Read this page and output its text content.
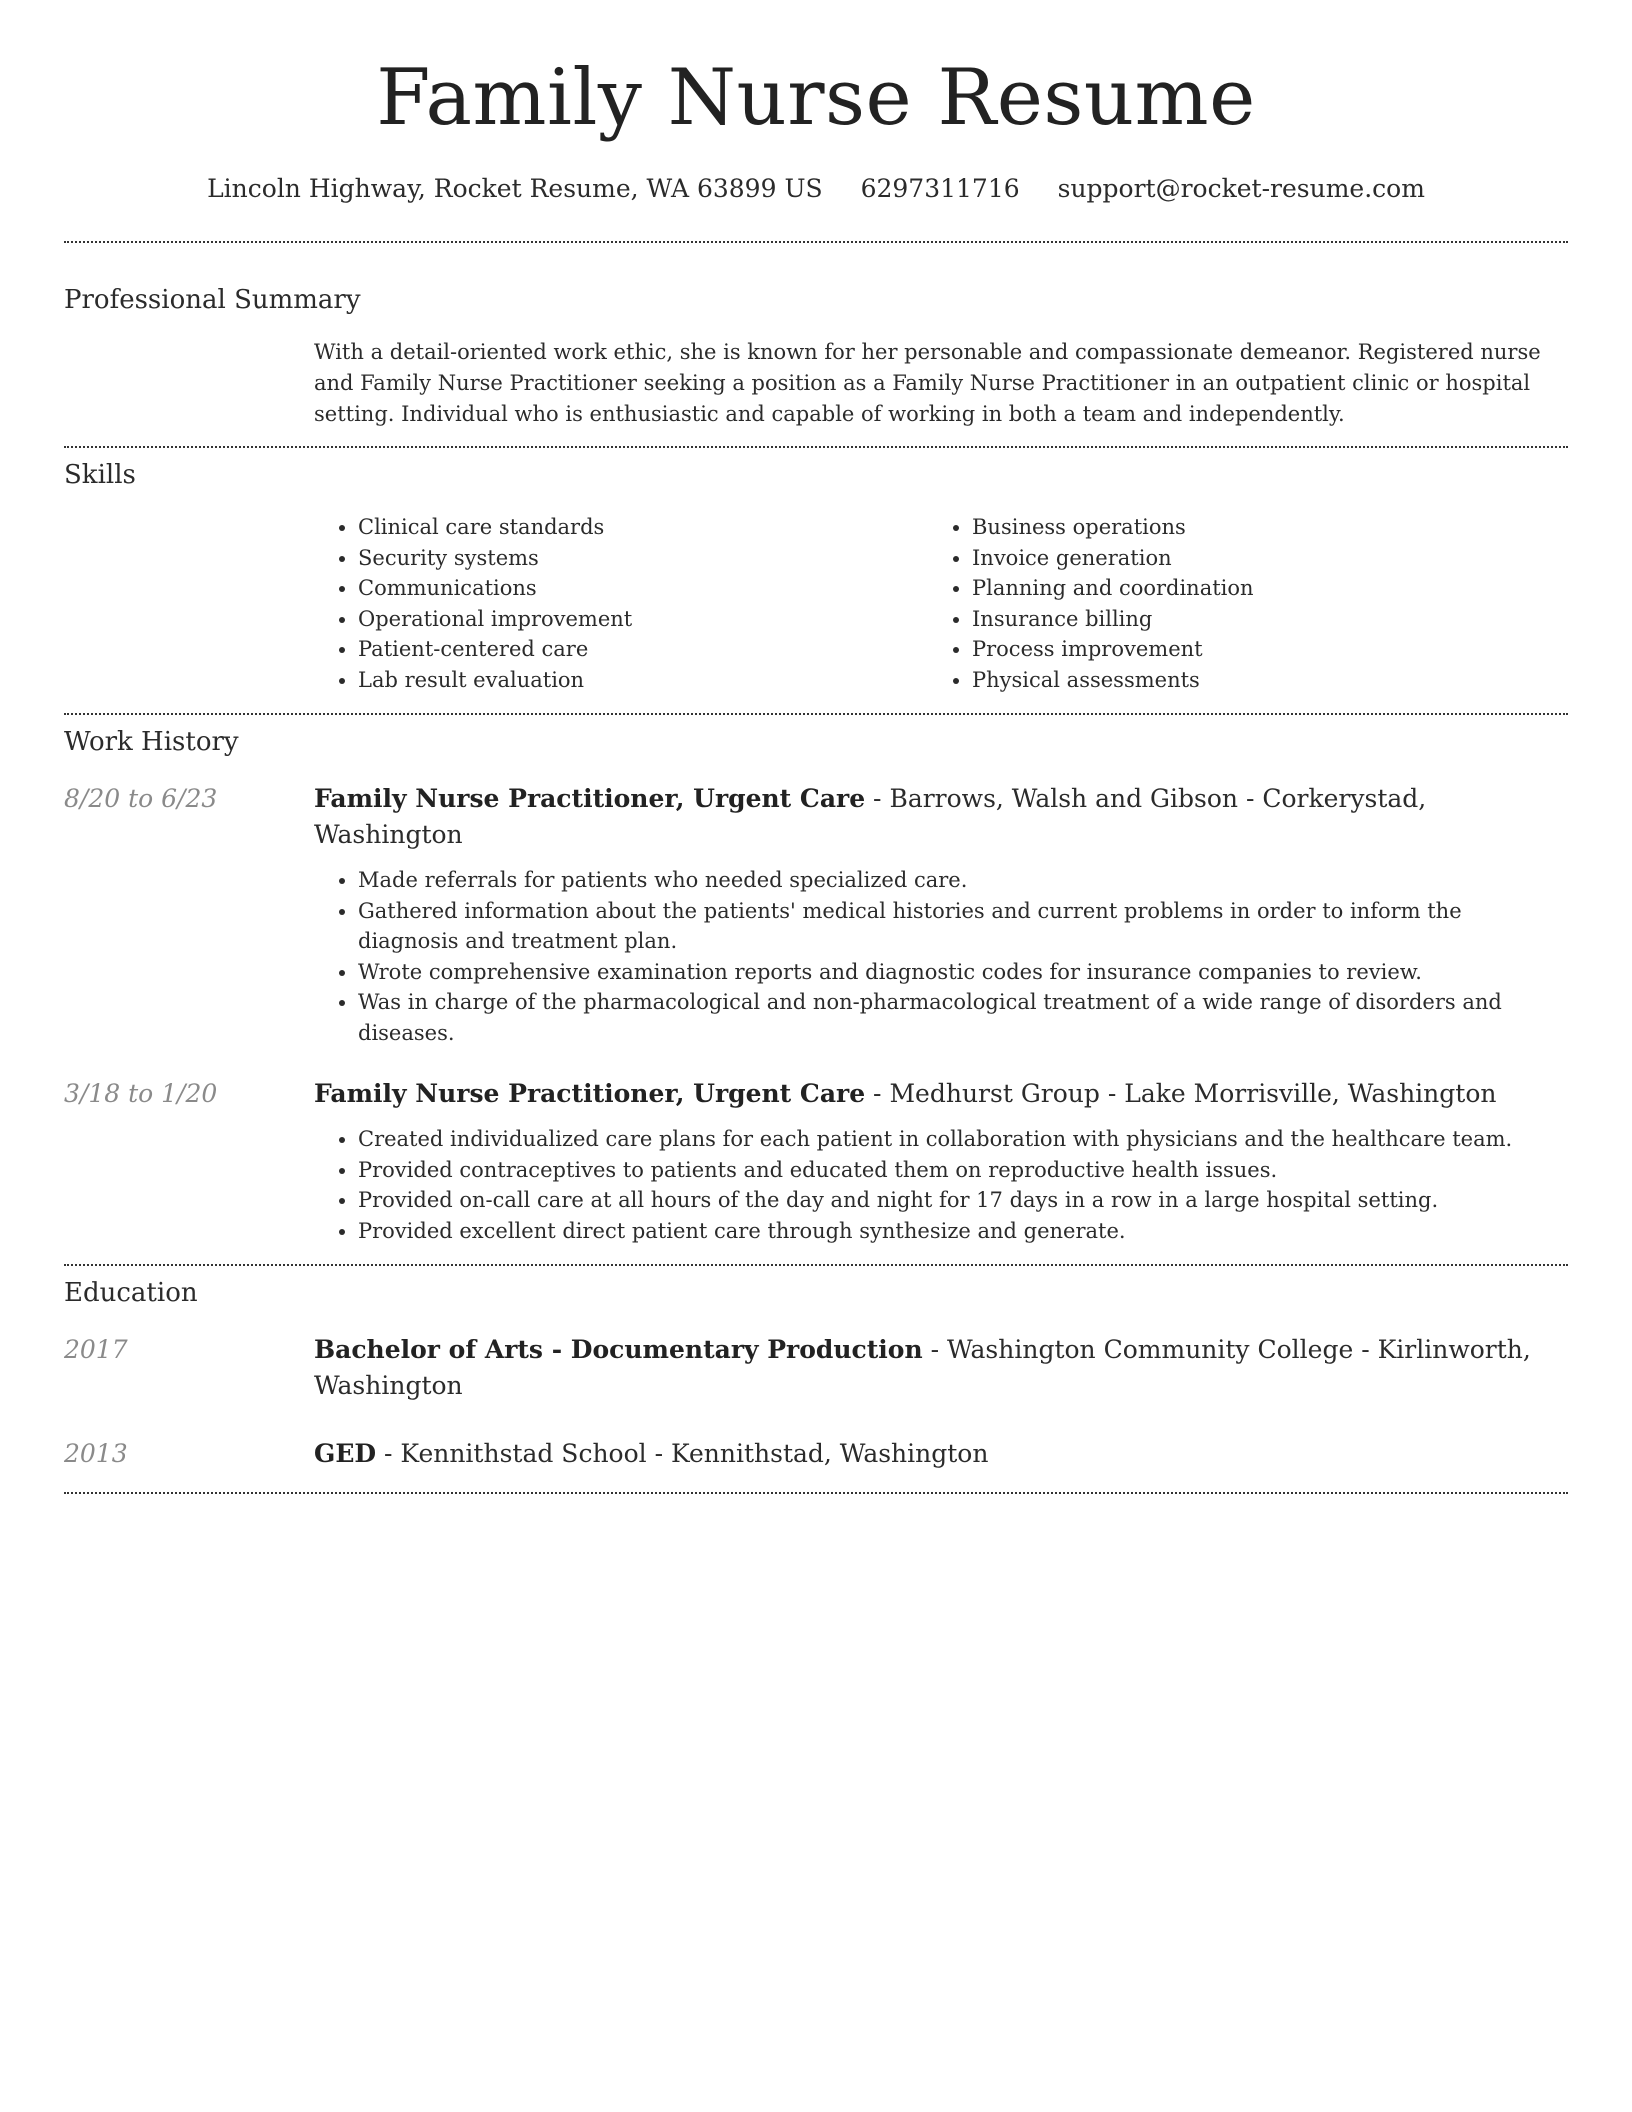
Family Nurse Resume
Lincoln Highway, Rocket Resume, WA 63899 US 6297311716 support@rocket-resume.com
Professional Summary

With a detail-oriented work ethic, she is known for her personable and compassionate demeanor. Registered nurse and Family Nurse Practitioner seeking a position as a Family Nurse Practitioner in an outpatient clinic or hospital setting. Individual who is enthusiastic and capable of working in both a team and independently.

Skills
• Clinical care standards
• Security systems
• Communications
• Operational improvement
• Patient-centered care
• Lab result evaluation
• Business operations
• Invoice generation
• Planning and coordination
• Insurance billing
• Process improvement
• Physical assessments
Work History
8/20 to 6/23	Family Nurse Practitioner, Urgent Care - Barrows, Walsh and Gibson - Corkerystad, Washington
• Made referrals for patients who needed specialized care.
• Gathered information about the patients' medical histories and current problems in order to inform the diagnosis and treatment plan.
• Wrote comprehensive examination reports and diagnostic codes for insurance companies to review.
• Was in charge of the pharmacological and non-pharmacological treatment of a wide range of disorders and diseases.
3/18 to 1/20	Family Nurse Practitioner, Urgent Care - Medhurst Group - Lake Morrisville, Washington
• Created individualized care plans for each patient in collaboration with physicians and the healthcare team.
• Provided contraceptives to patients and educated them on reproductive health issues.
• Provided on-call care at all hours of the day and night for 17 days in a row in a large hospital setting.
• Provided excellent direct patient care through synthesize and generate.
Education
2017	Bachelor of Arts - Documentary Production - Washington Community College - Kirlinworth, Washington
2013	GED - Kennithstad School - Kennithstad, Washington
